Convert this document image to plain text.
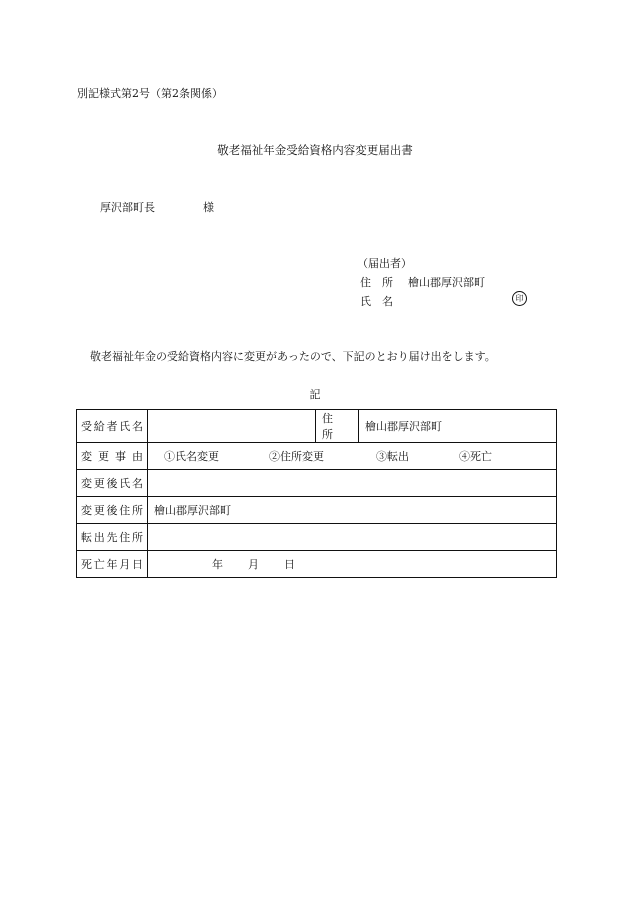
別記様式第2号（第2条関係）
敬老福祉年金受給資格内容変更届出書
厚沢部町長	様
（届出者）
住　所	檜山郡厚沢部町
氏　名	印
敬老福祉年金の受給資格内容に変更があったので、下記のとおり届け出をします。
記
受給者氏名		住　所	檜山郡厚沢部町
変更事由	①氏名変更 ②住所変更 ③転出 ④死亡		
変更後氏名			
変更後住所	檜山郡厚沢部町		
転出先住所			
死亡年月日	年 月 日		
